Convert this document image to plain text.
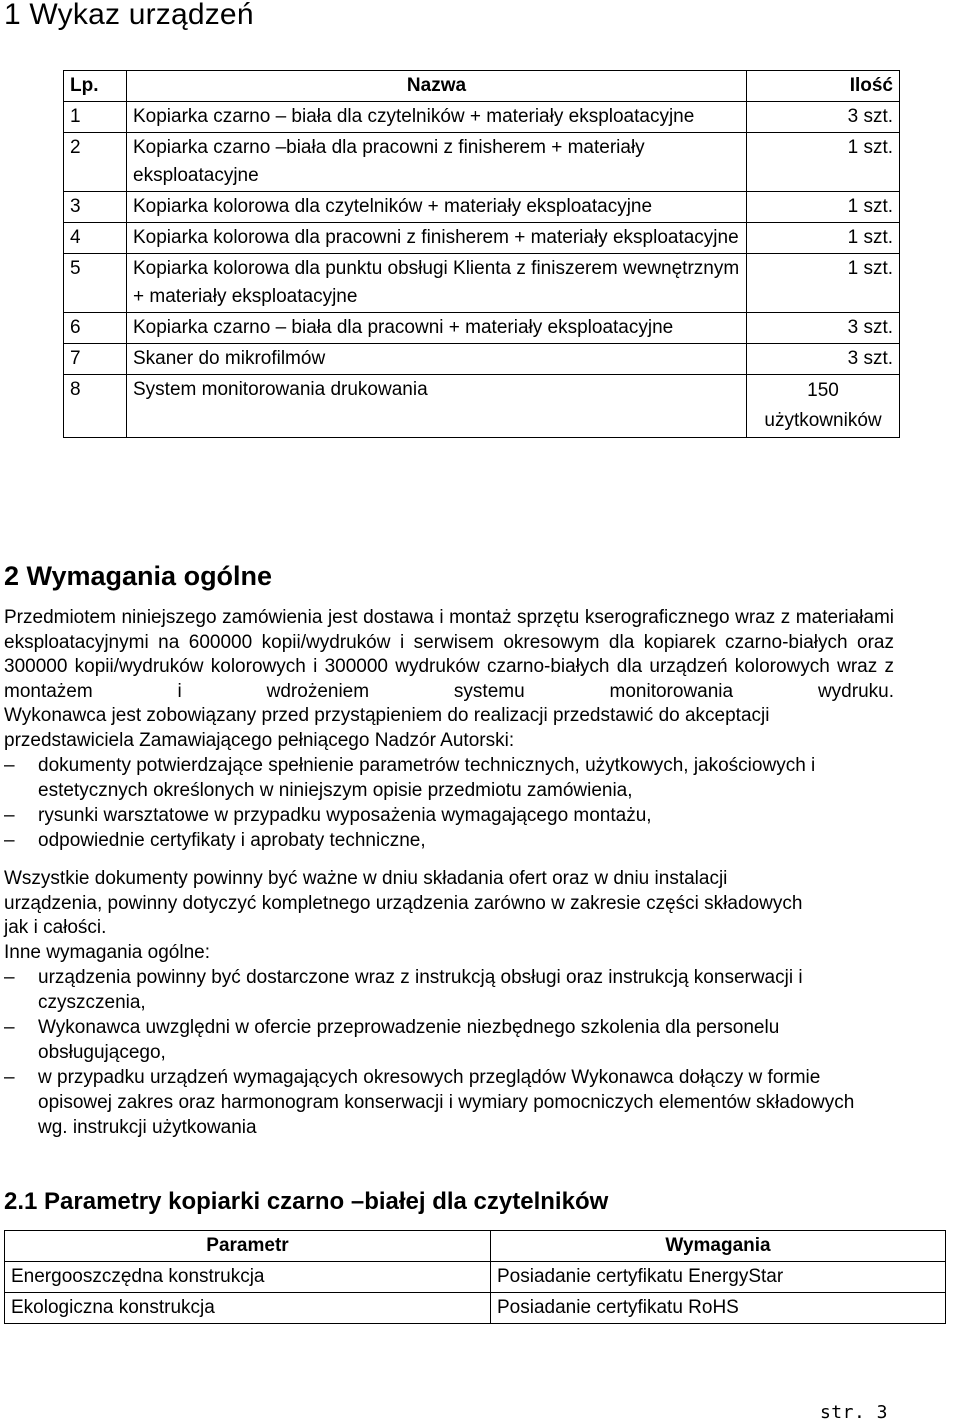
1 Wykaz urządzeń
Lp.	Nazwa	Ilość
1	Kopiarka czarno – biała dla czytelników + materiały eksploatacyjne	3 szt.
2	Kopiarka czarno –biała dla pracowni z finisherem + materiały eksploatacyjne	1 szt.
3	Kopiarka kolorowa dla czytelników + materiały eksploatacyjne	1 szt.
4	Kopiarka kolorowa dla pracowni z finisherem + materiały eksploatacyjne	1 szt.
5	Kopiarka kolorowa dla punktu obsługi Klienta z finiszerem wewnętrznym + materiały eksploatacyjne	1 szt.
6	Kopiarka czarno – biała dla pracowni + materiały eksploatacyjne	3 szt.
7	Skaner do mikrofilmów	3 szt.
8	System monitorowania drukowania	150 użytkowników
2 Wymagania ogólne

Przedmiotem niniejszego zamówienia jest dostawa i montaż sprzętu kserograficznego wraz z materiałami eksploatacyjnymi na 600000 kopii/wydruków i serwisem okresowym dla kopiarek czarno-białych oraz 300000 kopii/wydruków kolorowych i 300000 wydruków czarno-białych dla urządzeń kolorowych wraz z montażem i wdrożeniem systemu monitorowania wydruku.

Wykonawca jest zobowiązany przed przystąpieniem do realizacji przedstawić do akceptacji przedstawiciela Zamawiającego pełniącego Nadzór Autorski:

–	dokumenty potwierdzające spełnienie parametrów technicznych, użytkowych, jakościowych i estetycznych określonych w niniejszym opisie przedmiotu zamówienia,
–	rysunki warsztatowe w przypadku wyposażenia wymagającego montażu,
–	odpowiednie certyfikaty i aprobaty techniczne,

Wszystkie dokumenty powinny być ważne w dniu składania ofert oraz w dniu instalacji urządzenia, powinny dotyczyć kompletnego urządzenia zarówno w zakresie części składowych jak i całości.

Inne wymagania ogólne:

–	urządzenia powinny być dostarczone wraz z instrukcją obsługi oraz instrukcją konserwacji i czyszczenia,
–	Wykonawca uwzględni w ofercie przeprowadzenie niezbędnego szkolenia dla personelu obsługującego,
–	w przypadku urządzeń wymagających okresowych przeglądów Wykonawca dołączy w formie opisowej zakres oraz harmonogram konserwacji i wymiary pomocniczych elementów składowych wg. instrukcji użytkowania
2.1 Parametry kopiarki czarno –białej dla czytelników
Parametr	Wymagania
Energooszczędna konstrukcja	Posiadanie certyfikatu EnergyStar
Ekologiczna konstrukcja	Posiadanie certyfikatu RoHS
str. 3
